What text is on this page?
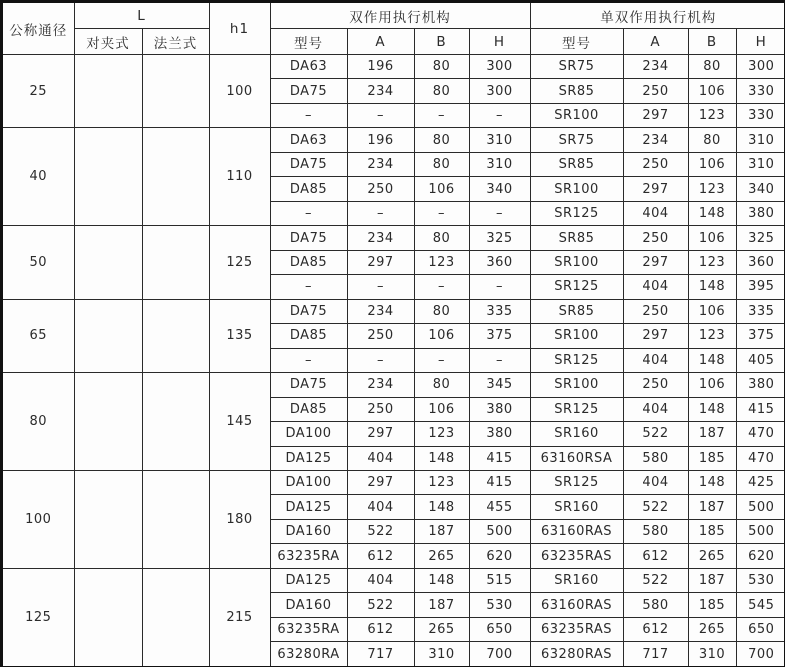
公称通径	L		h1	双作用执行机构				单双作用执行机构			
	对夹式	法兰式		型号	A	B	H	型号	A	B	H
25			100	DA63	196	80	300	SR75	234	80	300
				DA75	234	80	300	SR85	250	106	330
				–	–	–	–	SR100	297	123	330
40			110	DA63	196	80	310	SR75	234	80	310
				DA75	234	80	310	SR85	250	106	310
				DA85	250	106	340	SR100	297	123	340
				–	–	–	–	SR125	404	148	380
50			125	DA75	234	80	325	SR85	250	106	325
				DA85	297	123	360	SR100	297	123	360
				–	–	–	–	SR125	404	148	395
65			135	DA75	234	80	335	SR85	250	106	335
				DA85	250	106	375	SR100	297	123	375
				–	–	–	–	SR125	404	148	405
80			145	DA75	234	80	345	SR100	250	106	380
				DA85	250	106	380	SR125	404	148	415
				DA100	297	123	380	SR160	522	187	470
				DA125	404	148	415	63160RSA	580	185	470
100			180	DA100	297	123	415	SR125	404	148	425
				DA125	404	148	455	SR160	522	187	500
				DA160	522	187	500	63160RAS	580	185	500
				63235RA	612	265	620	63235RAS	612	265	620
125			215	DA125	404	148	515	SR160	522	187	530
				DA160	522	187	530	63160RAS	580	185	545
				63235RA	612	265	650	63235RAS	612	265	650
				63280RA	717	310	700	63280RAS	717	310	700
